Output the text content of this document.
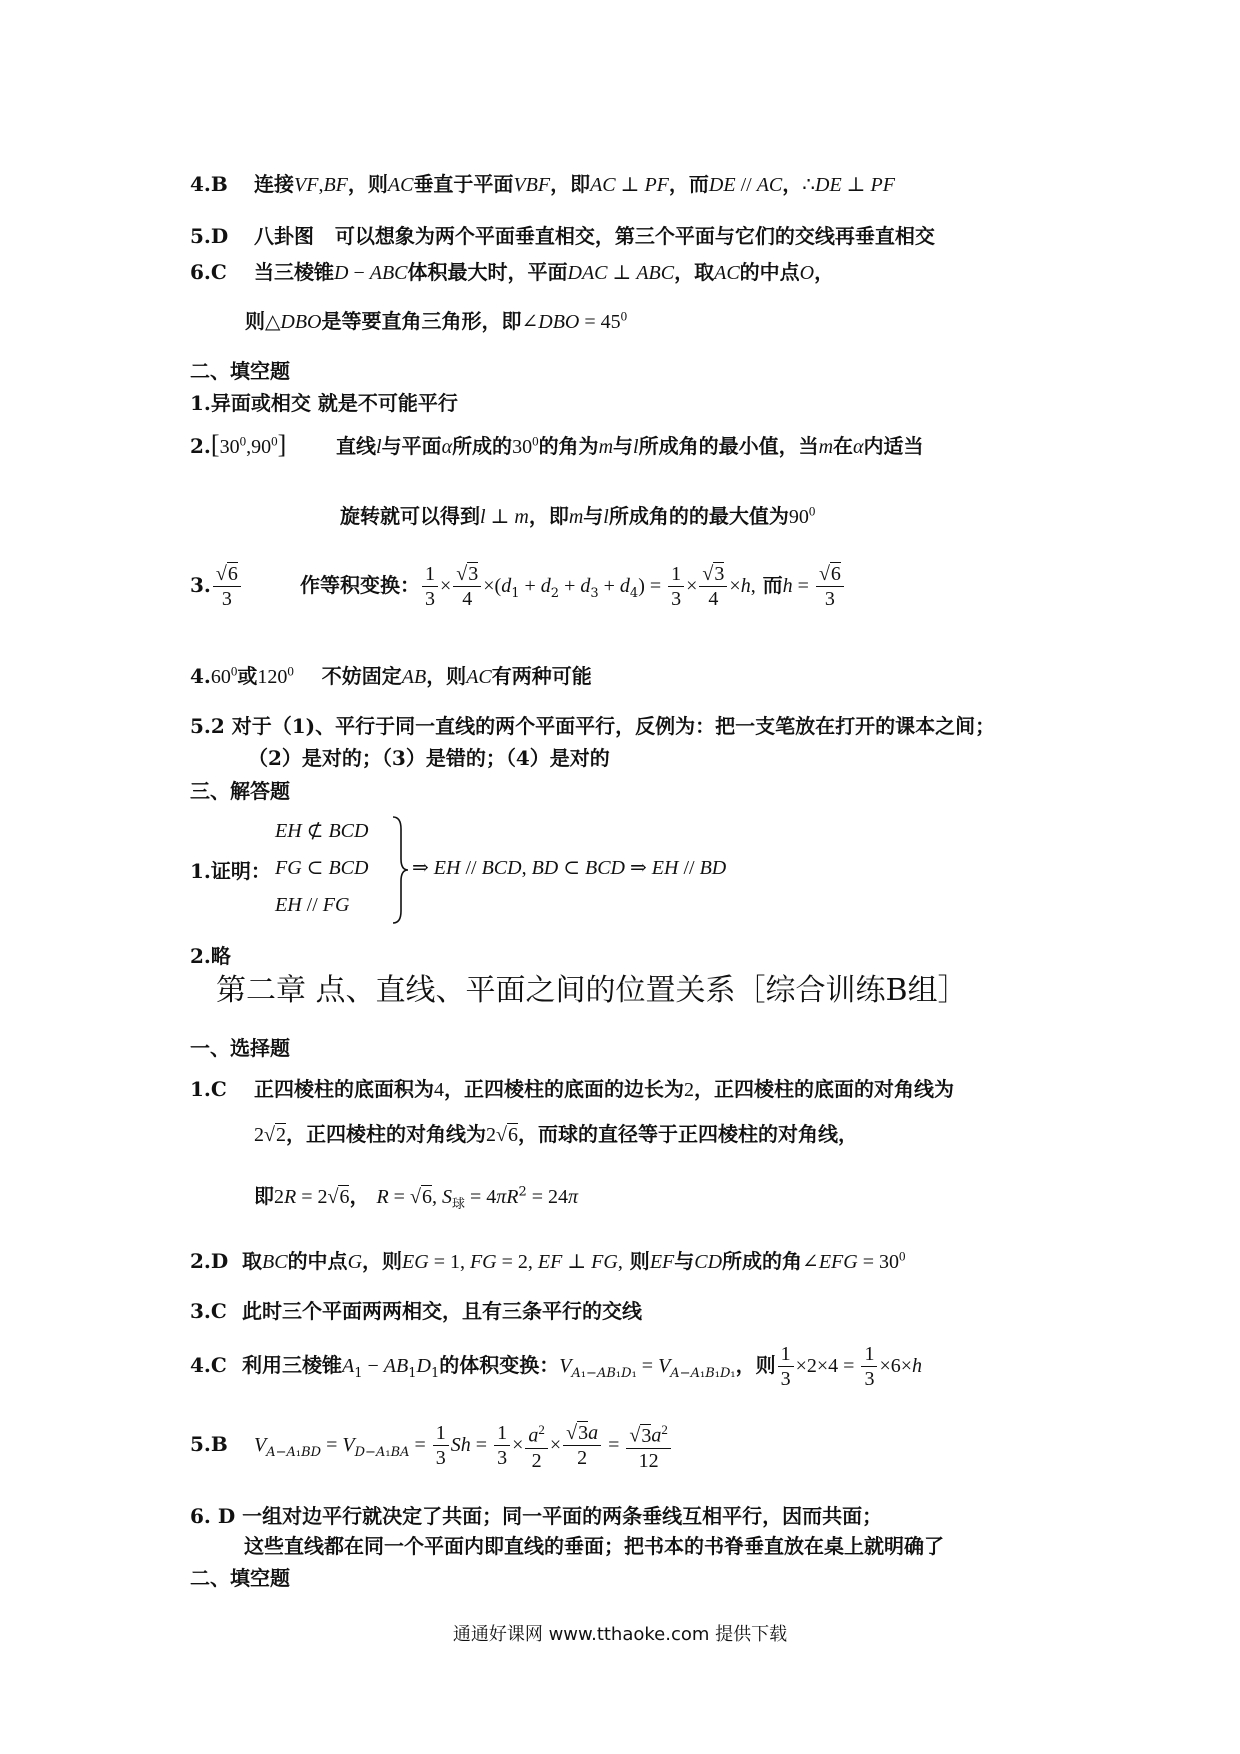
4.B 连接VF,BF，则AC垂直于平面VBF，即AC ⊥ PF，而DE // AC，∴DE ⊥ PF
5.D 八卦图   可以想象为两个平面垂直相交，第三个平面与它们的交线再垂直相交
6.C 当三棱锥D − ABC体积最大时，平面DAC ⊥ ABC，取AC的中点O，
则△DBO是等要直角三角形，即∠DBO = $45^0$
二、填空题
1.异面或相交 就是不可能平行
$2.[30^0,90^0]$ 直线l与平面α所成的$30^0$的角为m与l所成角的最小值，当m在α内适当
旋转就可以得到l ⊥ m，即m与l所成角的的最大值为$90^0$
3. $\frac{√6}{3}$	作等积变换： $\frac{1}{3} \times \frac{√3}{4} \times(d_1 + d_2 + d_3 + d_4) = \frac{1}{3} \times \frac{√3}{4} \times h$, 而$h = \frac{√6}{3}$
4.60$^0$或$120^0$    不妨固定AB，则AC有两种可能
5.2 对于（1)、平行于同一直线的两个平面平行，反例为：把一支笔放在打开的课本之间；
（2）是对的；（3）是错的；（4）是对的
三、解答题
1.证明：
EH ⊄ BCD
FG ⊂ BCD
EH // FG
⇒ EH // BCD, BD ⊂ BCD ⇒ EH // BD
2.略
第二章 点、直线、平面之间的位置关系［综合训练B组］
一、选择题
1.C 正四棱柱的底面积为4，正四棱柱的底面的边长为2，正四棱柱的底面的对角线为
2√2，正四棱柱的对角线为2√6，而球的直径等于正四棱柱的对角线，
即2R = 2√6， R = √6, $S_球 = 4\pi R^2 = 24\pi$
2.D 取BC的中点G，则EG = 1, FG = 2, EF ⊥ FG, 则EF与CD所成的角∠EFG = $30^0$
3.C 此时三个平面两两相交，且有三条平行的交线
4.C 利用三棱锥$A_1 - AB_1D_1$的体积变换：$V_{A_1-AB_1D_1} = V_{A-A_1B_1D_1}$，则 $\frac{1}{3} \times 2\times 4 = \frac{1}{3} \times 6\times h$
5.B $V_{A-A_1BD} = V_{D-A_1BA} = \frac{1}{3}$ $Sh = \frac{1}{3} \times \frac{a^2}{2} \times \frac{√3a}{2} = \frac{√3a^2}{12}$
6. D 一组对边平行就决定了共面；同一平面的两条垂线互相平行，因而共面；
这些直线都在同一个平面内即直线的垂面；把书本的书脊垂直放在桌上就明确了
二、填空题
通通好课网 www.tthaoke.com 提供下载
